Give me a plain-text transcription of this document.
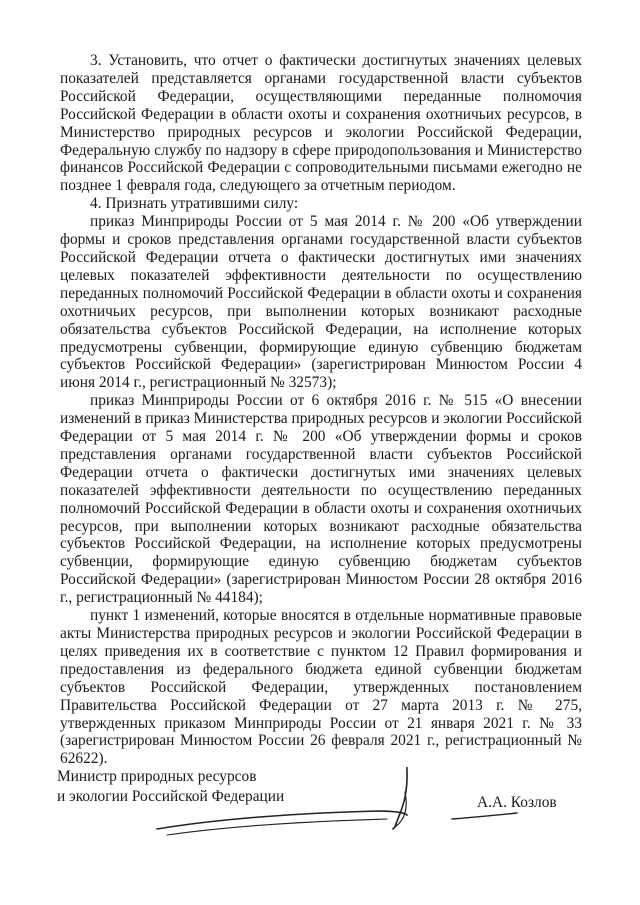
3. Установить, что отчет о фактически достигнутых значениях целевых показателей представляется органами государственной власти субъектов Российской Федерации, осуществляющими переданные полномочия Российской Федерации в области охоты и сохранения охотничьих ресурсов, в Министерство природных ресурсов и экологии Российской Федерации, Федеральную службу по надзору в сфере природопользования и Министерство финансов Российской Федерации с сопроводительными письмами ежегодно не позднее 1 февраля года, следующего за отчетным периодом.

4. Признать утратившими силу:

приказ Минприроды России от 5 мая 2014 г. № 200 «Об утверждении формы и сроков представления органами государственной власти субъектов Российской Федерации отчета о фактически достигнутых ими значениях целевых показателей эффективности деятельности по осуществлению переданных полномочий Российской Федерации в области охоты и сохранения охотничьих ресурсов, при выполнении которых возникают расходные обязательства субъектов Российской Федерации, на исполнение которых предусмотрены субвенции, формирующие единую субвенцию бюджетам субъектов Российской Федерации» (зарегистрирован Минюстом России 4 июня 2014 г., регистрационный № 32573);

приказ Минприроды России от 6 октября 2016 г. № 515 «О внесении изменений в приказ Министерства природных ресурсов и экологии Российской Федерации от 5 мая 2014 г. № 200 «Об утверждении формы и сроков представления органами государственной власти субъектов Российской Федерации отчета о фактически достигнутых ими значениях целевых показателей эффективности деятельности по осуществлению переданных полномочий Российской Федерации в области охоты и сохранения охотничьих ресурсов, при выполнении которых возникают расходные обязательства субъектов Российской Федерации, на исполнение которых предусмотрены субвенции, формирующие единую субвенцию бюджетам субъектов Российской Федерации» (зарегистрирован Минюстом России 28 октября 2016 г., регистрационный № 44184);

пункт 1 изменений, которые вносятся в отдельные нормативные правовые акты Министерства природных ресурсов и экологии Российской Федерации в целях приведения их в соответствие с пунктом 12 Правил формирования и предоставления из федерального бюджета единой субвенции бюджетам субъектов Российской Федерации, утвержденных постановлением Правительства Российской Федерации от 27 марта 2013 г. № 275, утвержденных приказом Минприроды России от 21 января 2021 г. № 33 (зарегистрирован Минюстом России 26 февраля 2021 г., регистрационный № 62622).

Министр природных ресурсов
и экологии Российской Федерации	А.А. Козлов
